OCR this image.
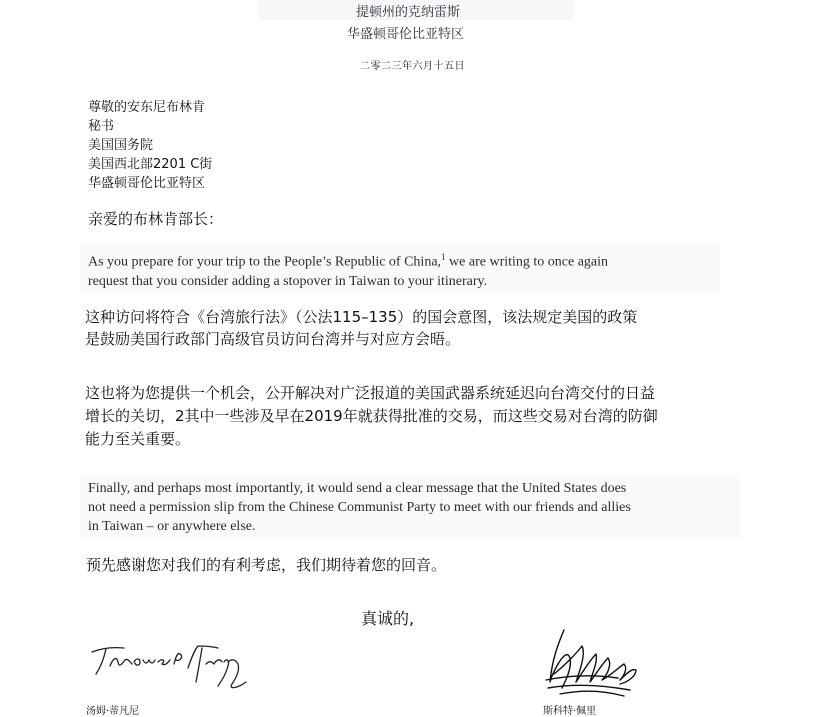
提顿州的克纳雷斯
华盛顿哥伦比亚特区
二零二三年六月十五日
尊敬的安东尼布林肯
秘书
美国国务院
美国西北部2201 C街
华盛顿哥伦比亚特区
亲爱的布林肯部长：
As you prepare for your trip to the People’s Republic of China,$^1$ we are writing to once again
request that you consider adding a stopover in Taiwan to your itinerary.
这种访问将符合《台湾旅行法》（公法115–135）的国会意图，该法规定美国的政策
是鼓励美国行政部门高级官员访问台湾并与对应方会晤。
这也将为您提供一个机会，公开解决对广泛报道的美国武器系统延迟向台湾交付的日益
增长的关切，2其中一些涉及早在2019年就获得批准的交易，而这些交易对台湾的防御
能力至关重要。
Finally, and perhaps most importantly, it would send a clear message that the United States does
not need a permission slip from the Chinese Communist Party to meet with our friends and allies
in Taiwan – or anywhere else.
预先感谢您对我们的有利考虑，我们期待着您的回音。
真诚的,
汤姆·蒂凡尼	斯科特·佩里
